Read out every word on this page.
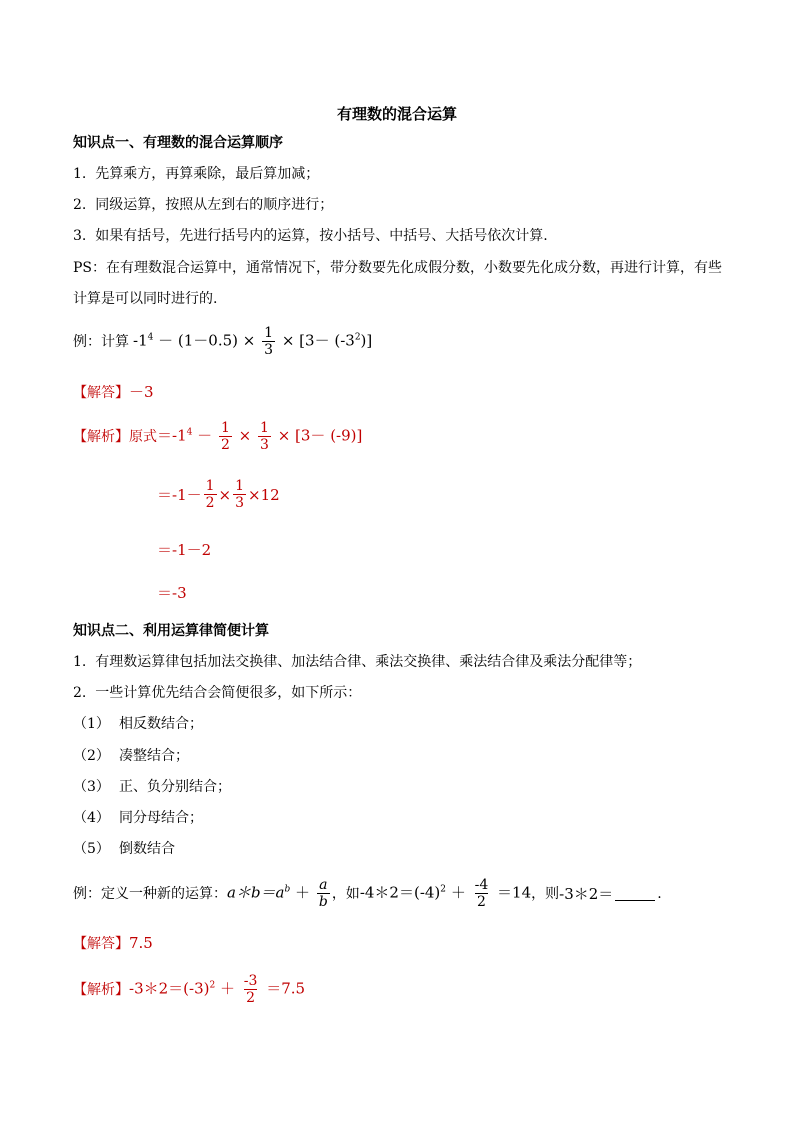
有理数的混合运算
知识点一、有理数的混合运算顺序
1.  先算乘方，再算乘除，最后算加减；
2.  同级运算，按照从左到右的顺序进行；
3.  如果有括号，先进行括号内的运算，按小括号、中括号、大括号依次计算.
PS：在有理数混合运算中，通常情况下，带分数要先化成假分数，小数要先化成分数，再进行计算，有些
计算是可以同时进行的.
例：计算 $-1^4 - (1-0.5) \times \frac{1}{3} \times [3- (-3^2)]$
【解答】－3
【解析】 原式 $=-1^4 - \frac{1}{2} \times \frac{1}{3} \times [3- (-9)]$
$=-1- \frac{1}{2} \times \frac{1}{3} \times 12$
＝-1－2
＝-3
知识点二、利用运算律简便计算
1.  有理数运算律包括加法交换律、加法结合律、乘法交换律、乘法结合律及乘法分配律等；
2.  一些计算优先结合会简便很多，如下所示：
（1） 相反数结合；
（2） 凑整结合；
（3） 正、负分别结合；
（4） 同分母结合；
（5） 倒数结合
例：定义一种新的运算： $a*b=a^b + \frac{a}{b}$ ，如 $-4*2=(-4)^2 + \frac{-4}{2} =14$ ，则 -3＊2＝	.
【解答】7.5
【解析】 $-3*2=(-3)^2 + \frac{-3}{2} =7.5$
